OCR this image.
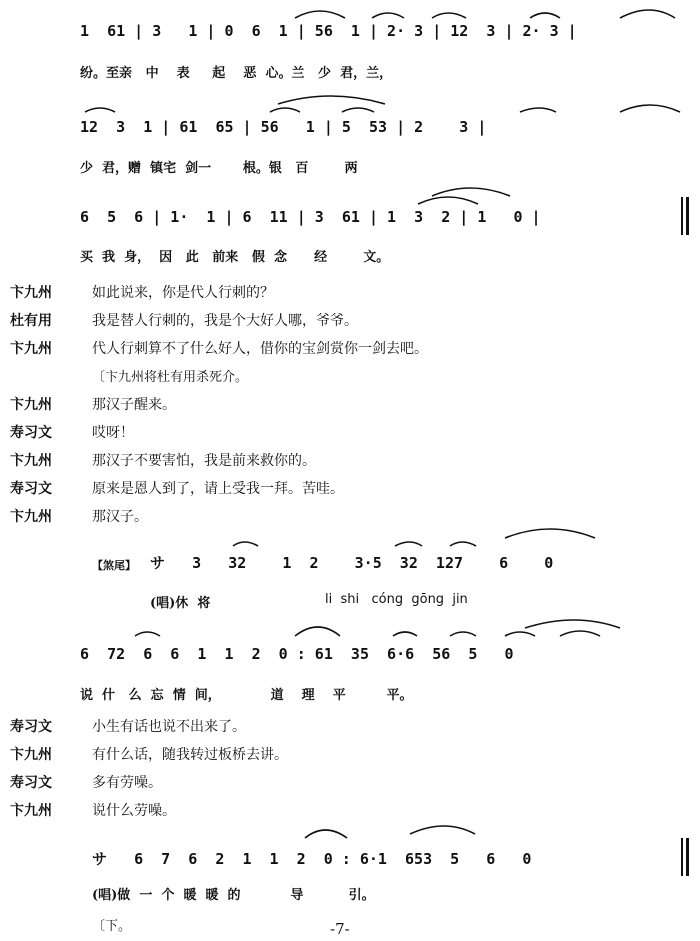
1  61 | 3   1 | 0  6  1 | 56  1 | 2· 3 | 12  3 | 2· 3 |
纷。至亲   中    表     起    恶  心。兰   少  君，兰，
12  3  1 | 61  65 | 56   1 | 5  53 | 2    3 |
少  君，赠  镇宅  剑一       根。银   百        两
6  5  6 | 1·  1 | 6  11 | 3  61 | 1  3  2 | 1   0 |
买  我  身，  因   此   前来   假  念      经        文。
卞九州	如此说来，你是代人行刺的？
杜有用	我是替人行刺的，我是个大好人哪，爷爷。
卞九州	代人行刺算不了什么好人，借你的宝剑赏你一剑去吧。
〔卞九州将杜有用杀死介。
卞九州	那汉子醒来。
寿习文	哎呀！
卞九州	那汉子不要害怕，我是前来救你的。
寿习文	原来是恩人到了，请上受我一拜。苦哇。
卞九州	那汉子。
【煞尾】 サ   3   32    1  2    3·5  32  127    6    0
(唱)休  将	li  shi   cóng  gōng  jin
6  72  6  6  1  1  2  0 : 61  35  6·6  56  5   0
说  什   么  忘  情  间，           道    理    平         平。
寿习文	小生有话也说不出来了。
卞九州	有什么话，随我转过板桥去讲。
寿习文	多有劳噪。
卞九州	说什么劳噪。
サ   6  7  6  2  1  1  2  0 : 6·1  653  5   6   0
(唱)做  一  个  暖  暖  的           导          引。
〔下。	-7-
